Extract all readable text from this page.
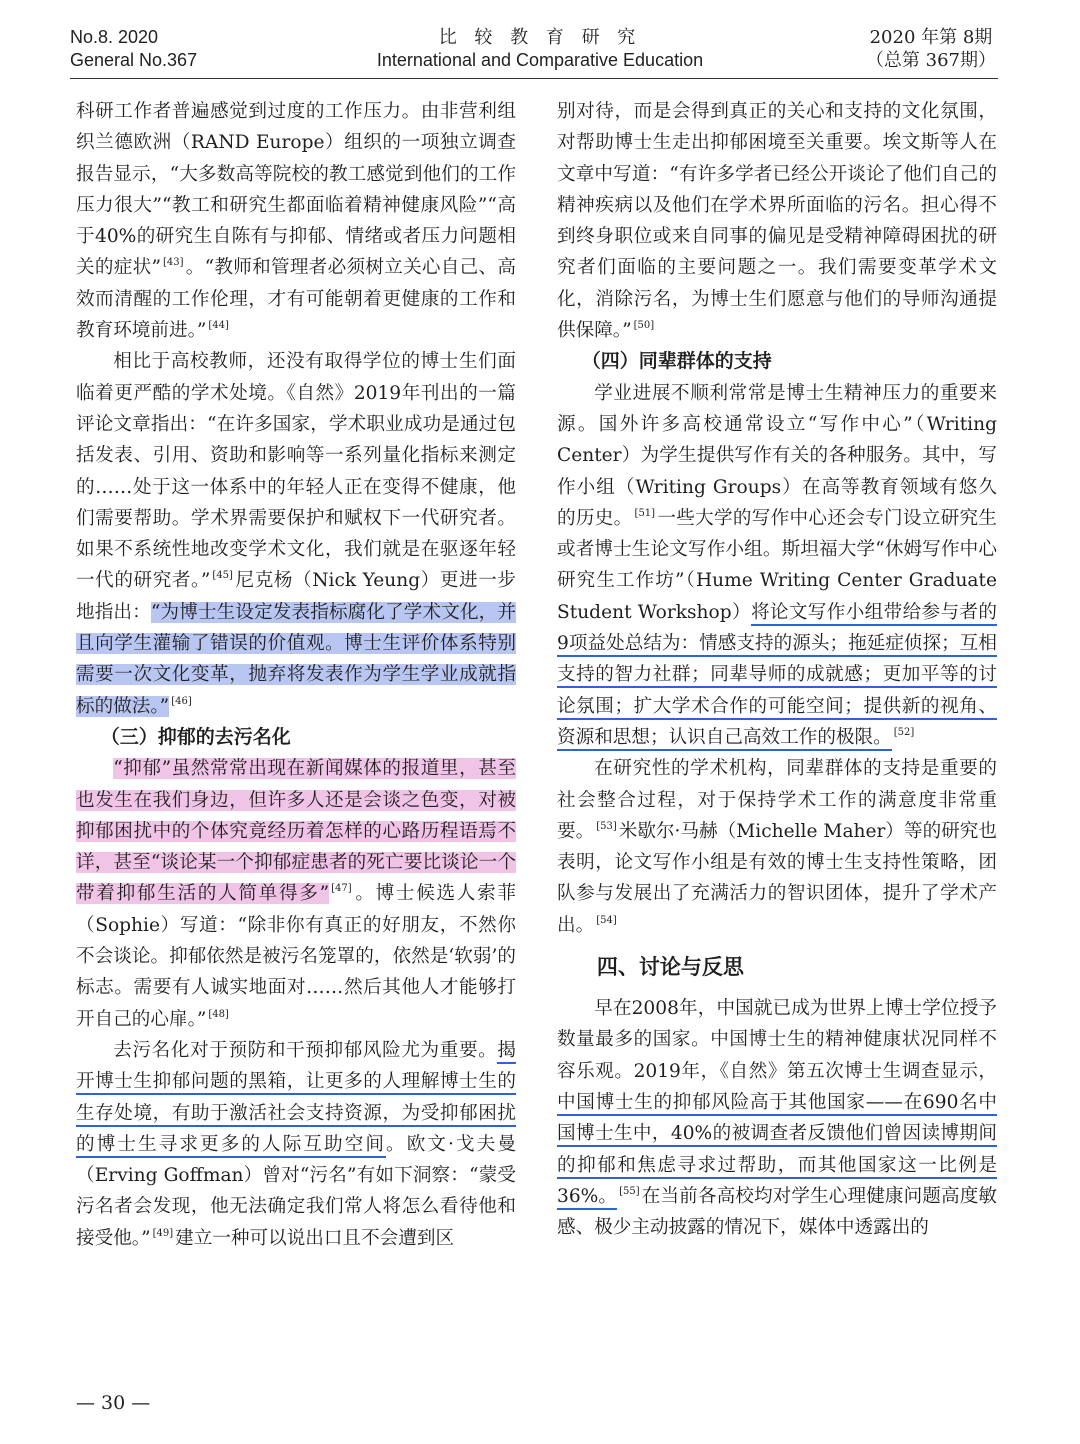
No.8. 2020
General No.367
比 较 教 育 研 究
International and Comparative Education
2020 年第 8期
（总第 367期）

科研工作者普遍感觉到过度的工作压力。由非营利组织兰德欧洲（RAND Europe）组织的一项独立调查报告显示，“大多数高等院校的教工感觉到他们的工作压力很大”“教工和研究生都面临着精神健康风险”“高于40%的研究生自陈有与抑郁、情绪或者压力问题相关的症状” [43] 。“教师和管理者必须树立关心自己、高效而清醒的工作伦理，才有可能朝着更健康的工作和教育环境前进。” [44]

相比于高校教师，还没有取得学位的博士生们面临着更严酷的学术处境。《自然》2019年刊出的一篇评论文章指出：“在许多国家，学术职业成功是通过包括发表、引用、资助和影响等一系列量化指标来测定的……处于这一体系中的年轻人正在变得不健康，他们需要帮助。学术界需要保护和赋权下一代研究者。如果不系统性地改变学术文化，我们就是在驱逐年轻一代的研究者。” [45] 尼克杨（Nick Yeung）更进一步地指出：“为博士生设定发表指标腐化了学术文化，并且向学生灌输了错误的价值观。博士生评价体系特别需要一次文化变革，抛弃将发表作为学生学业成就指标的做法。” [46]

（三）抑郁的去污名化

“抑郁”虽然常常出现在新闻媒体的报道里，甚至也发生在我们身边，但许多人还是会谈之色变，对被抑郁困扰中的个体究竟经历着怎样的心路历程语焉不详，甚至“谈论某一个抑郁症患者的死亡要比谈论一个带着抑郁生活的人简单得多” [47] 。博士候选人索菲（Sophie）写道：“除非你有真正的好朋友，不然你不会谈论。抑郁依然是被污名笼罩的，依然是‘软弱’的标志。需要有人诚实地面对……然后其他人才能够打开自己的心扉。” [48]

去污名化对于预防和干预抑郁风险尤为重要。揭开博士生抑郁问题的黑箱，让更多的人理解博士生的生存处境，有助于激活社会支持资源，为受抑郁困扰的博士生寻求更多的人际互助空间。欧文·戈夫曼（Erving Goffman）曾对“污名”有如下洞察：“蒙受污名者会发现，他无法确定我们常人将怎么看待他和接受他。” [49] 建立一种可以说出口且不会遭到区

别对待，而是会得到真正的关心和支持的文化氛围，对帮助博士生走出抑郁困境至关重要。埃文斯等人在文章中写道：“有许多学者已经公开谈论了他们自己的精神疾病以及他们在学术界所面临的污名。担心得不到终身职位或来自同事的偏见是受精神障碍困扰的研究者们面临的主要问题之一。我们需要变革学术文化，消除污名，为博士生们愿意与他们的导师沟通提供保障。” [50]

（四）同辈群体的支持

学业进展不顺利常常是博士生精神压力的重要来源。国外许多高校通常设立“写作中心”（Writing Center）为学生提供写作有关的各种服务。其中，写作小组（Writing Groups）在高等教育领域有悠久的历史。 [51] 一些大学的写作中心还会专门设立研究生或者博士生论文写作小组。斯坦福大学“休姆写作中心研究生工作坊”（Hume Writing Center Graduate Student Workshop）将论文写作小组带给参与者的9项益处总结为：情感支持的源头；拖延症侦探；互相支持的智力社群；同辈导师的成就感；更加平等的讨论氛围；扩大学术合作的可能空间；提供新的视角、资源和思想；认识自己高效工作的极限。 [52]

在研究性的学术机构，同辈群体的支持是重要的社会整合过程，对于保持学术工作的满意度非常重要。 [53] 米歇尔·马赫（Michelle Maher）等的研究也表明，论文写作小组是有效的博士生支持性策略，团队参与发展出了充满活力的智识团体，提升了学术产出。 [54]

四、讨论与反思

早在2008年，中国就已成为世界上博士学位授予数量最多的国家。中国博士生的精神健康状况同样不容乐观。2019年，《自然》第五次博士生调查显示，中国博士生的抑郁风险高于其他国家——在690名中国博士生中，40%的被调查者反馈他们曾因读博期间的抑郁和焦虑寻求过帮助，而其他国家这一比例是36%。 [55] 在当前各高校均对学生心理健康问题高度敏感、极少主动披露的情况下，媒体中透露出的

— 30 —
